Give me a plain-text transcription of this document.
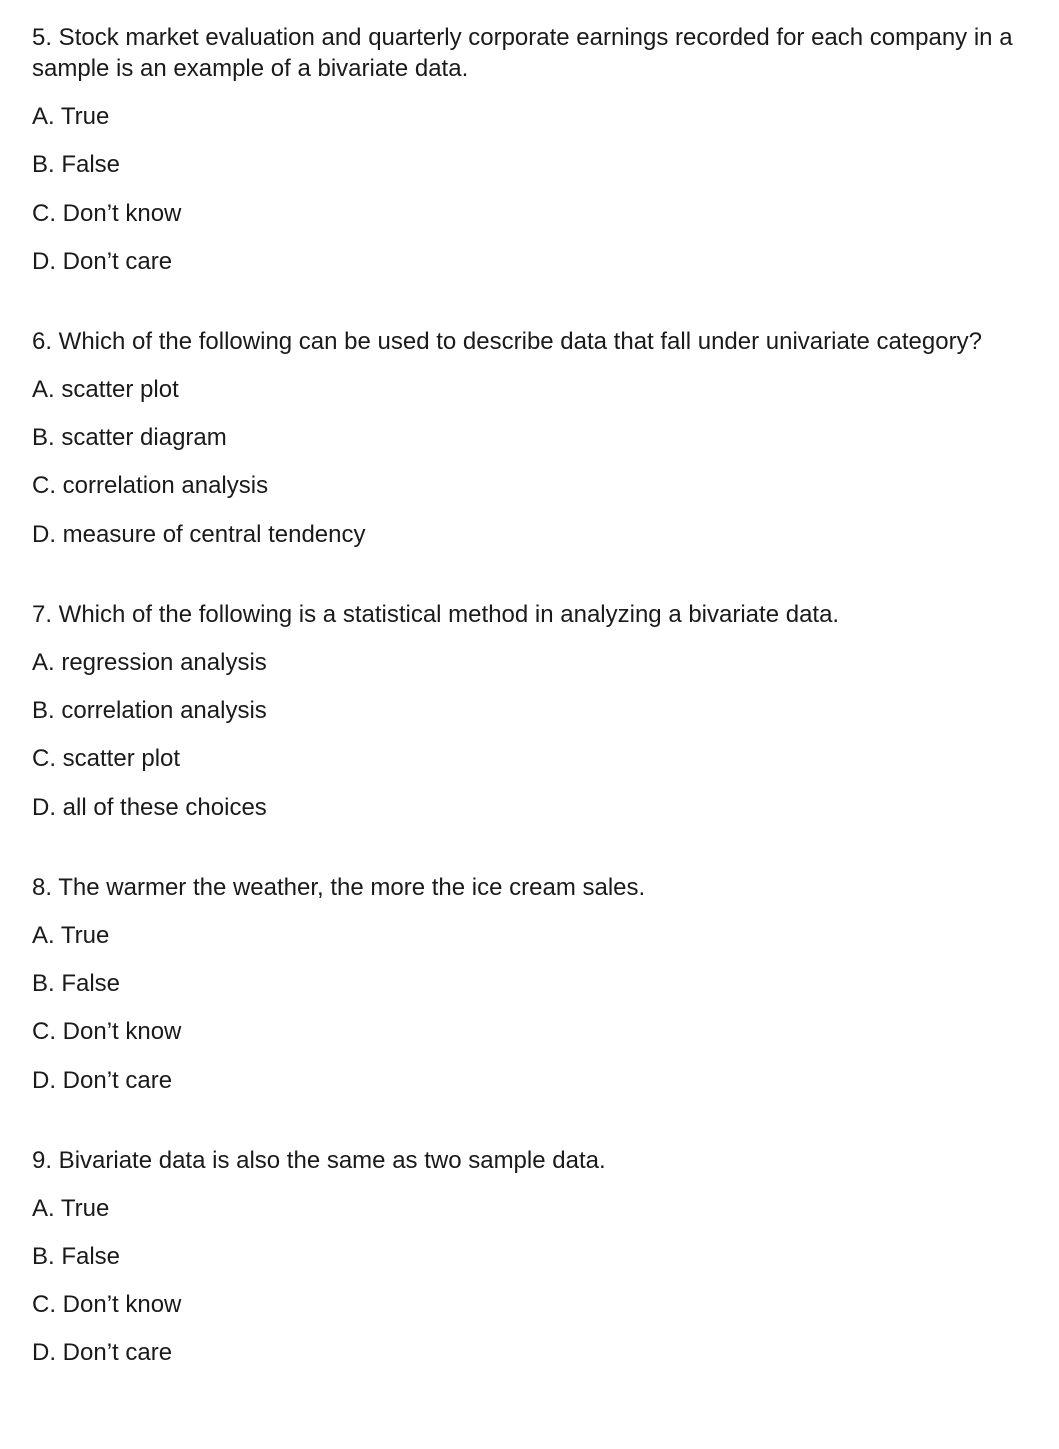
5. Stock market evaluation and quarterly corporate earnings recorded for each company in a sample is an example of a bivariate data.

A. True
B. False
C. Don’t know
D. Don’t care

6. Which of the following can be used to describe data that fall under univariate category?

A. scatter plot
B. scatter diagram
C. correlation analysis
D. measure of central tendency

7. Which of the following is a statistical method in analyzing a bivariate data.

A. regression analysis
B. correlation analysis
C. scatter plot
D. all of these choices

8. The warmer the weather, the more the ice cream sales.

A. True
B. False
C. Don’t know
D. Don’t care

9. Bivariate data is also the same as two sample data.

A. True
B. False
C. Don’t know
D. Don’t care
